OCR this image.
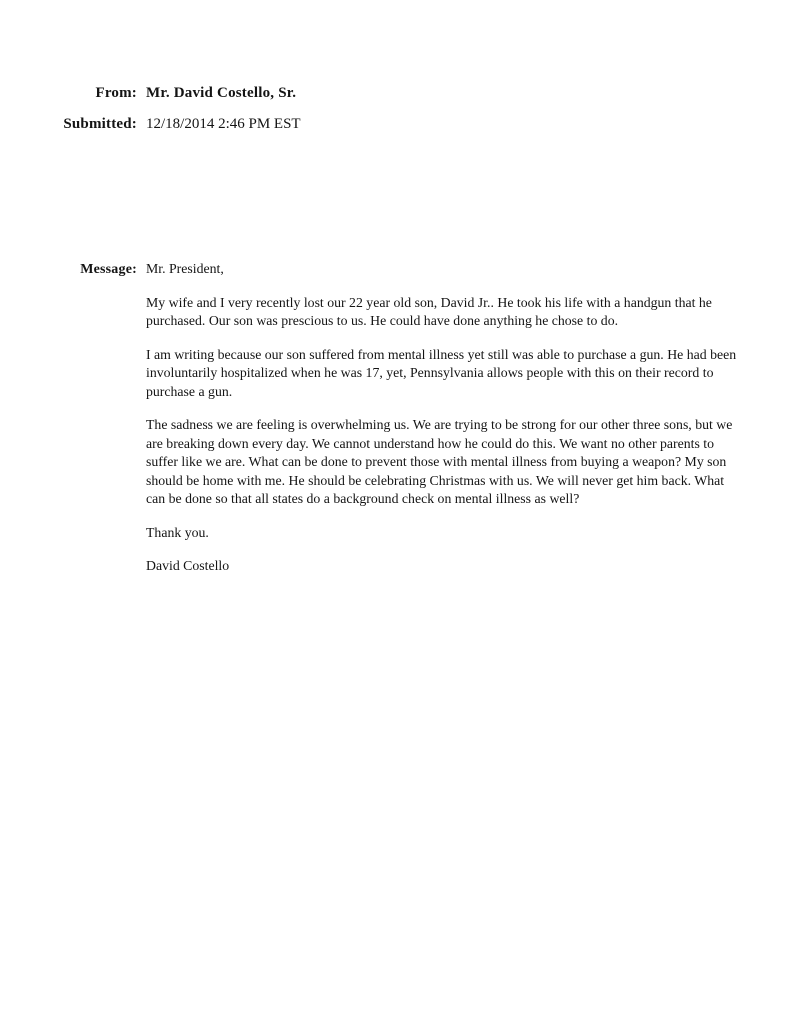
From: Mr. David Costello, Sr.
Submitted: 12/18/2014 2:46 PM EST
Message: Mr. President,

My wife and I very recently lost our 22 year old son, David Jr.. He took his life with a handgun that he purchased. Our son was prescious to us. He could have done anything he chose to do.

I am writing because our son suffered from mental illness yet still was able to purchase a gun. He had been involuntarily hospitalized when he was 17, yet, Pennsylvania allows people with this on their record to purchase a gun.

The sadness we are feeling is overwhelming us. We are trying to be strong for our other three sons, but we are breaking down every day. We cannot understand how he could do this. We want no other parents to suffer like we are. What can be done to prevent those with mental illness from buying a weapon? My son should be home with me. He should be celebrating Christmas with us. We will never get him back. What can be done so that all states do a background check on mental illness as well?

Thank you.

David Costello
